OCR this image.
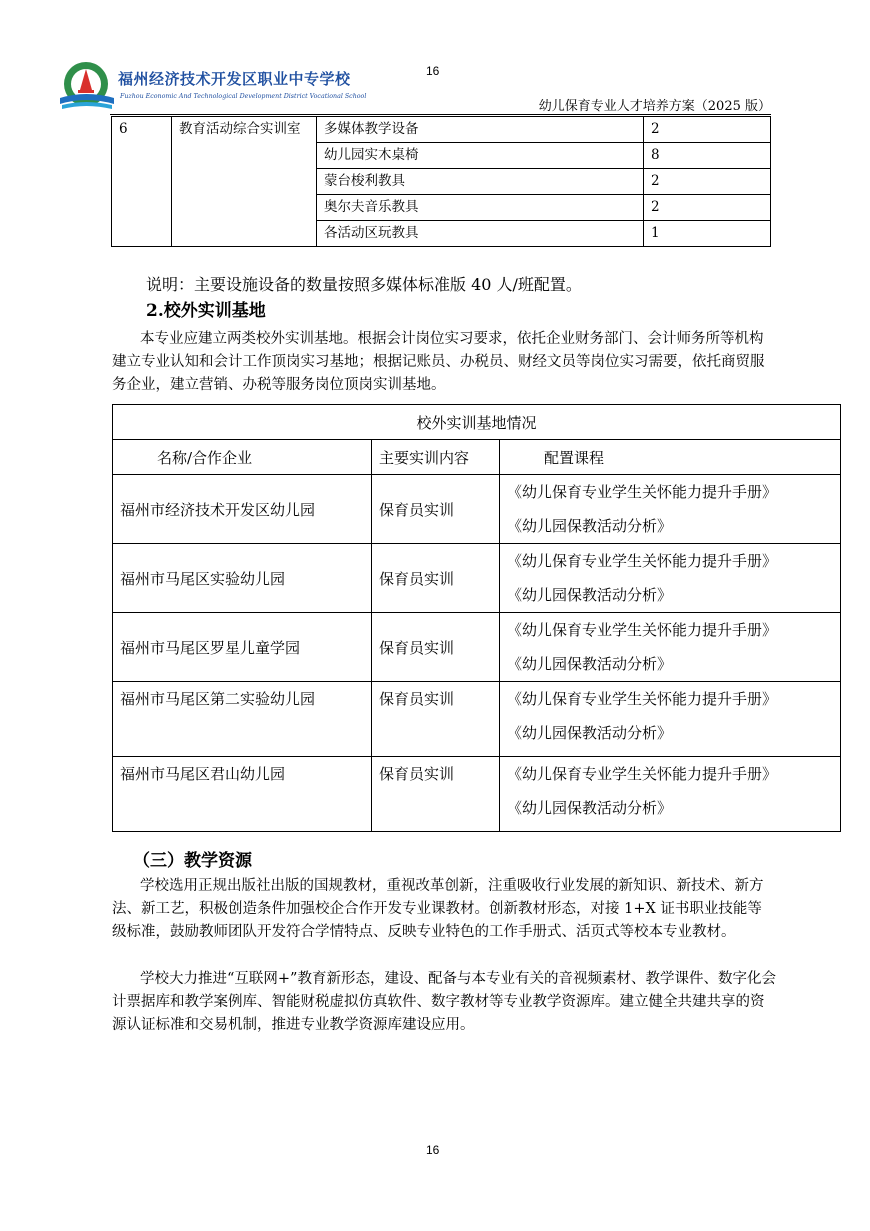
福州经济技术开发区职业中专学校
Fuzhou Economic And Technological Development District Vocational School
16
幼儿保育专业人才培养方案（2025 版）
6	教育活动综合实训室	多媒体教学设备	2
		幼儿园实木桌椅	8
		蒙台梭利教具	2
		奥尔夫音乐教具	2
		各活动区玩教具	1
说明：主要设施设备的数量按照多媒体标准版 40 人/班配置。
2.校外实训基地
本专业应建立两类校外实训基地。根据会计岗位实习要求，依托企业财务部门、会计师务所等机构建立专业认知和会计工作顶岗实习基地；根据记账员、办税员、财经文员等岗位实习需要，依托商贸服务企业，建立营销、办税等服务岗位顶岗实训基地。
校外实训基地情况		
名称/合作企业	主要实训内容	配置课程
福州市经济技术开发区幼儿园	保育员实训	《幼儿保育专业学生关怀能力提升手册》
《幼儿园保教活动分析》

福州市马尾区实验幼儿园	保育员实训	《幼儿保育专业学生关怀能力提升手册》
《幼儿园保教活动分析》

福州市马尾区罗星儿童学园	保育员实训	《幼儿保育专业学生关怀能力提升手册》
《幼儿园保教活动分析》

福州市马尾区第二实验幼儿园	保育员实训	《幼儿保育专业学生关怀能力提升手册》
《幼儿园保教活动分析》

福州市马尾区君山幼儿园	保育员实训	《幼儿保育专业学生关怀能力提升手册》
《幼儿园保教活动分析》
（三）教学资源
学校选用正规出版社出版的国规教材，重视改革创新，注重吸收行业发展的新知识、新技术、新方法、新工艺，积极创造条件加强校企合作开发专业课教材。创新教材形态，对接 1+X 证书职业技能等级标准，鼓励教师团队开发符合学情特点、反映专业特色的工作手册式、活页式等校本专业教材。
学校大力推进“互联网+”教育新形态，建设、配备与本专业有关的音视频素材、教学课件、数字化会计票据库和教学案例库、智能财税虚拟仿真软件、数字教材等专业教学资源库。建立健全共建共享的资源认证标准和交易机制，推进专业教学资源库建设应用。
16
